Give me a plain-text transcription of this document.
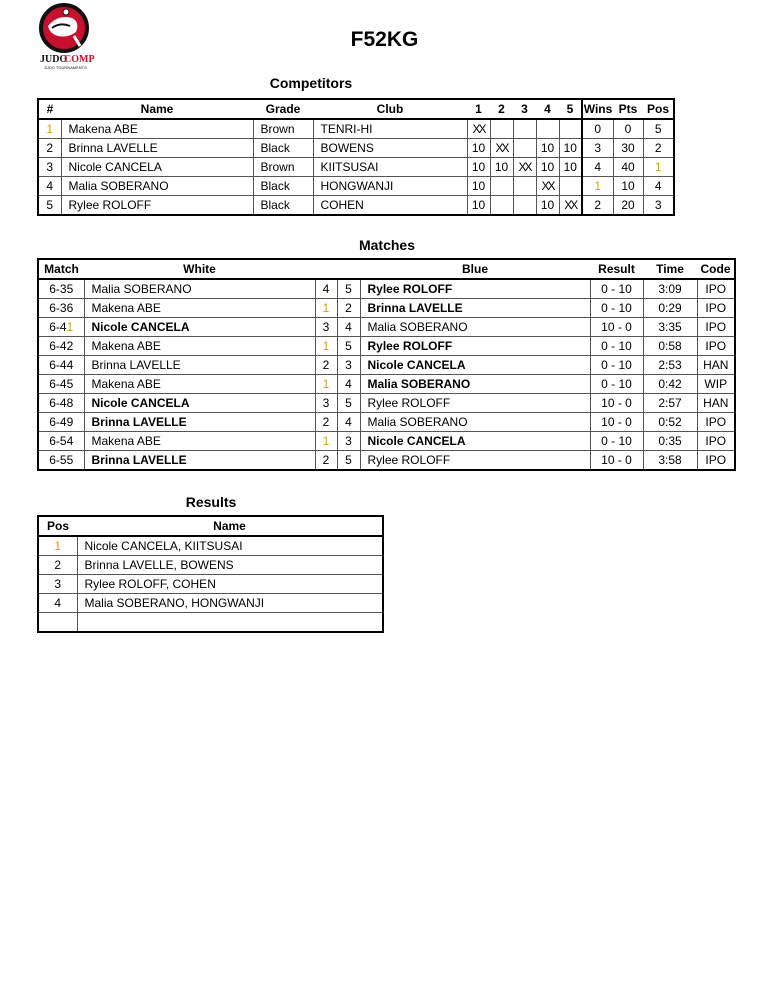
JUDO
COMP
JUDO TOURNAMENTS
F52KG
Competitors
#	Name	Grade	Club	1	2	3	4	5	Wins	Pts	Pos
1	Makena ABE	Brown	TENRI-HI	XX					0	0	5
2	Brinna LAVELLE	Black	BOWENS	10	XX		10	10	3	30	2
3	Nicole CANCELA	Brown	KIITSUSAI	10	10	XX	10	10	4	40	1
4	Malia SOBERANO	Black	HONGWANJI	10			XX		1	10	4
5	Rylee ROLOFF	Black	COHEN	10			10	XX	2	20	3
Matches
Match	White			Blue	Result	Time	Code
6-35	Malia SOBERANO	4	5	Rylee ROLOFF	0 - 10	3:09	IPO
6-36	Makena ABE	1	2	Brinna LAVELLE	0 - 10	0:29	IPO
6-41	Nicole CANCELA	3	4	Malia SOBERANO	10 - 0	3:35	IPO
6-42	Makena ABE	1	5	Rylee ROLOFF	0 - 10	0:58	IPO
6-44	Brinna LAVELLE	2	3	Nicole CANCELA	0 - 10	2:53	HAN
6-45	Makena ABE	1	4	Malia SOBERANO	0 - 10	0:42	WIP
6-48	Nicole CANCELA	3	5	Rylee ROLOFF	10 - 0	2:57	HAN
6-49	Brinna LAVELLE	2	4	Malia SOBERANO	10 - 0	0:52	IPO
6-54	Makena ABE	1	3	Nicole CANCELA	0 - 10	0:35	IPO
6-55	Brinna LAVELLE	2	5	Rylee ROLOFF	10 - 0	3:58	IPO
Results
Pos	Name
1	Nicole CANCELA, KIITSUSAI
2	Brinna LAVELLE, BOWENS
3	Rylee ROLOFF, COHEN
4	Malia SOBERANO, HONGWANJI
